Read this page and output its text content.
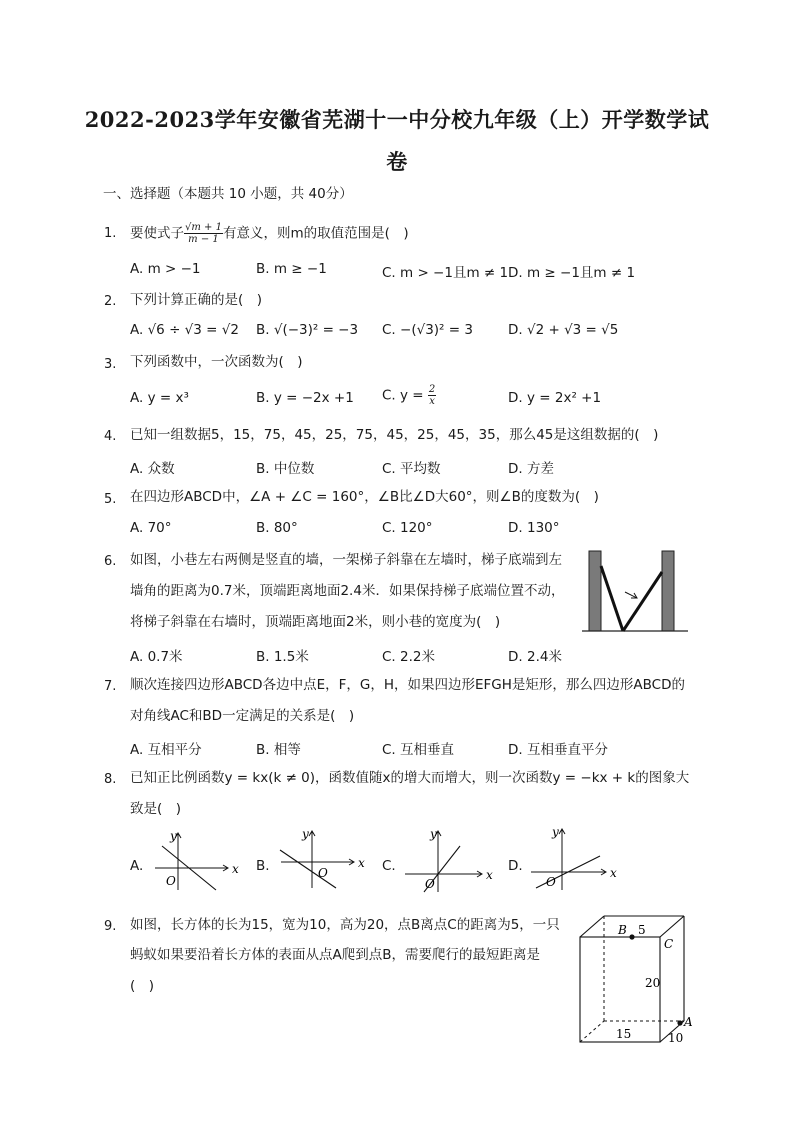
2022-2023学年安徽省芜湖十一中分校九年级（上）开学数学试
卷
一、选择题（本题共 10 小题，共 40分）
1. 要使式子 $\frac{√m + 1}{m - 1}$ 有意义，则m的取值范围是(　)
A. m > −1	B. m ≥ −1	C. m > −1且m ≠ 1 D. m ≥ −1且m ≠ 1
2. 下列计算正确的是(　)
A. √6 ÷ √3 = √2 B. √(−3)² = −3 C. −(√3)² = 3	D. √2 + √3 = √5
3. 下列函数中，一次函数为(　)
A. y = x³	B. y = −2x +1 C. $y = \frac{2}{x}$	D. y = 2x² +1
4. 已知一组数据5，15，75，45，25，75，45，25，45，35，那么45是这组数据的(　)
A. 众数	B. 中位数	C. 平均数	D. 方差
5. 在四边形ABCD中，∠A + ∠C = 160°，∠B比∠D大60°，则∠B的度数为(　)
A. 70°	B. 80°	C. 120°	D. 130°
6. 如图，小巷左右两侧是竖直的墙，一架梯子斜靠在左墙时，梯子底端到左
墙角的距离为0.7米，顶端距离地面2.4米．如果保持梯子底端位置不动，
将梯子斜靠在右墙时，顶端距离地面2米，则小巷的宽度为(　)
A. 0.7米	B. 1.5米	C. 2.2米	D. 2.4米
7. 顺次连接四边形ABCD各边中点E，F，G，H，如果四边形EFGH是矩形，那么四边形ABCD的
对角线AC和BD一定满足的关系是(　)
A. 互相平分	B. 相等	C. 互相垂直	D. 互相垂直平分
8. 已知正比例函数y = kx(k ≠ 0)，函数值随x的增大而增大，则一次函数y = −kx + k的图象大
致是(　)
A.	x
y
O
B.	x
y
O	C.
x
y
O
D.	x
y
O
9. 如图，长方体的长为15，宽为10，高为20，点B离点C的距离为5，一只
蚂蚁如果要沿着长方体的表面从点A爬到点B，需要爬行的最短距离是
(　)
B 5
C
20
A
15	10
